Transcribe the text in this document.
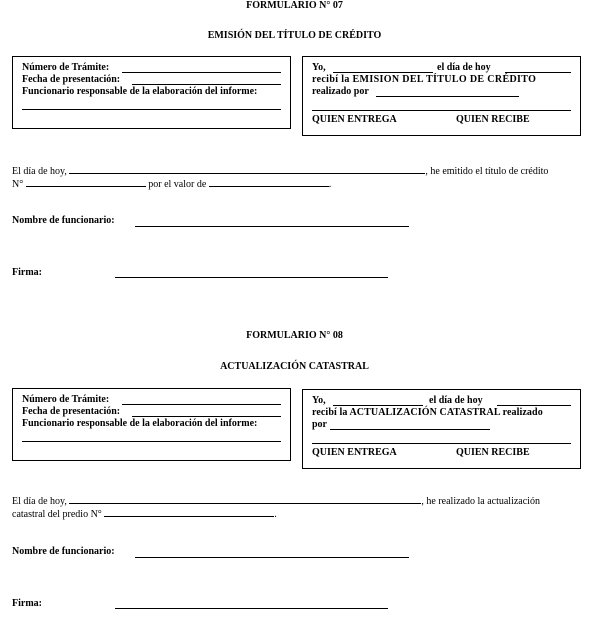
FORMULARIO N° 07
EMISIÓN DEL TÍTULO DE CRÉDITO
Número de Trámite:
Fecha de presentación:
Funcionario responsable de la elaboración del informe:
Yo,	el día de hoy
recibí la EMISION DEL TÍTULO DE CRÉDITO
realizado por
QUIEN ENTREGA	QUIEN RECIBE
El día de hoy,	, he emitido el título de crédito
N°	por el valor de	.
Nombre de funcionario:
Firma:
FORMULARIO N° 08
ACTUALIZACIÓN CATASTRAL
Número de Trámite:
Fecha de presentación:
Funcionario responsable de la elaboración del informe:
Yo,	el día de hoy
recibí la ACTUALIZACIÓN CATASTRAL realizado
por
QUIEN ENTREGA	QUIEN RECIBE
El día de hoy,	, he realizado la actualización
catastral del predio N°	.
Nombre de funcionario:
Firma:
